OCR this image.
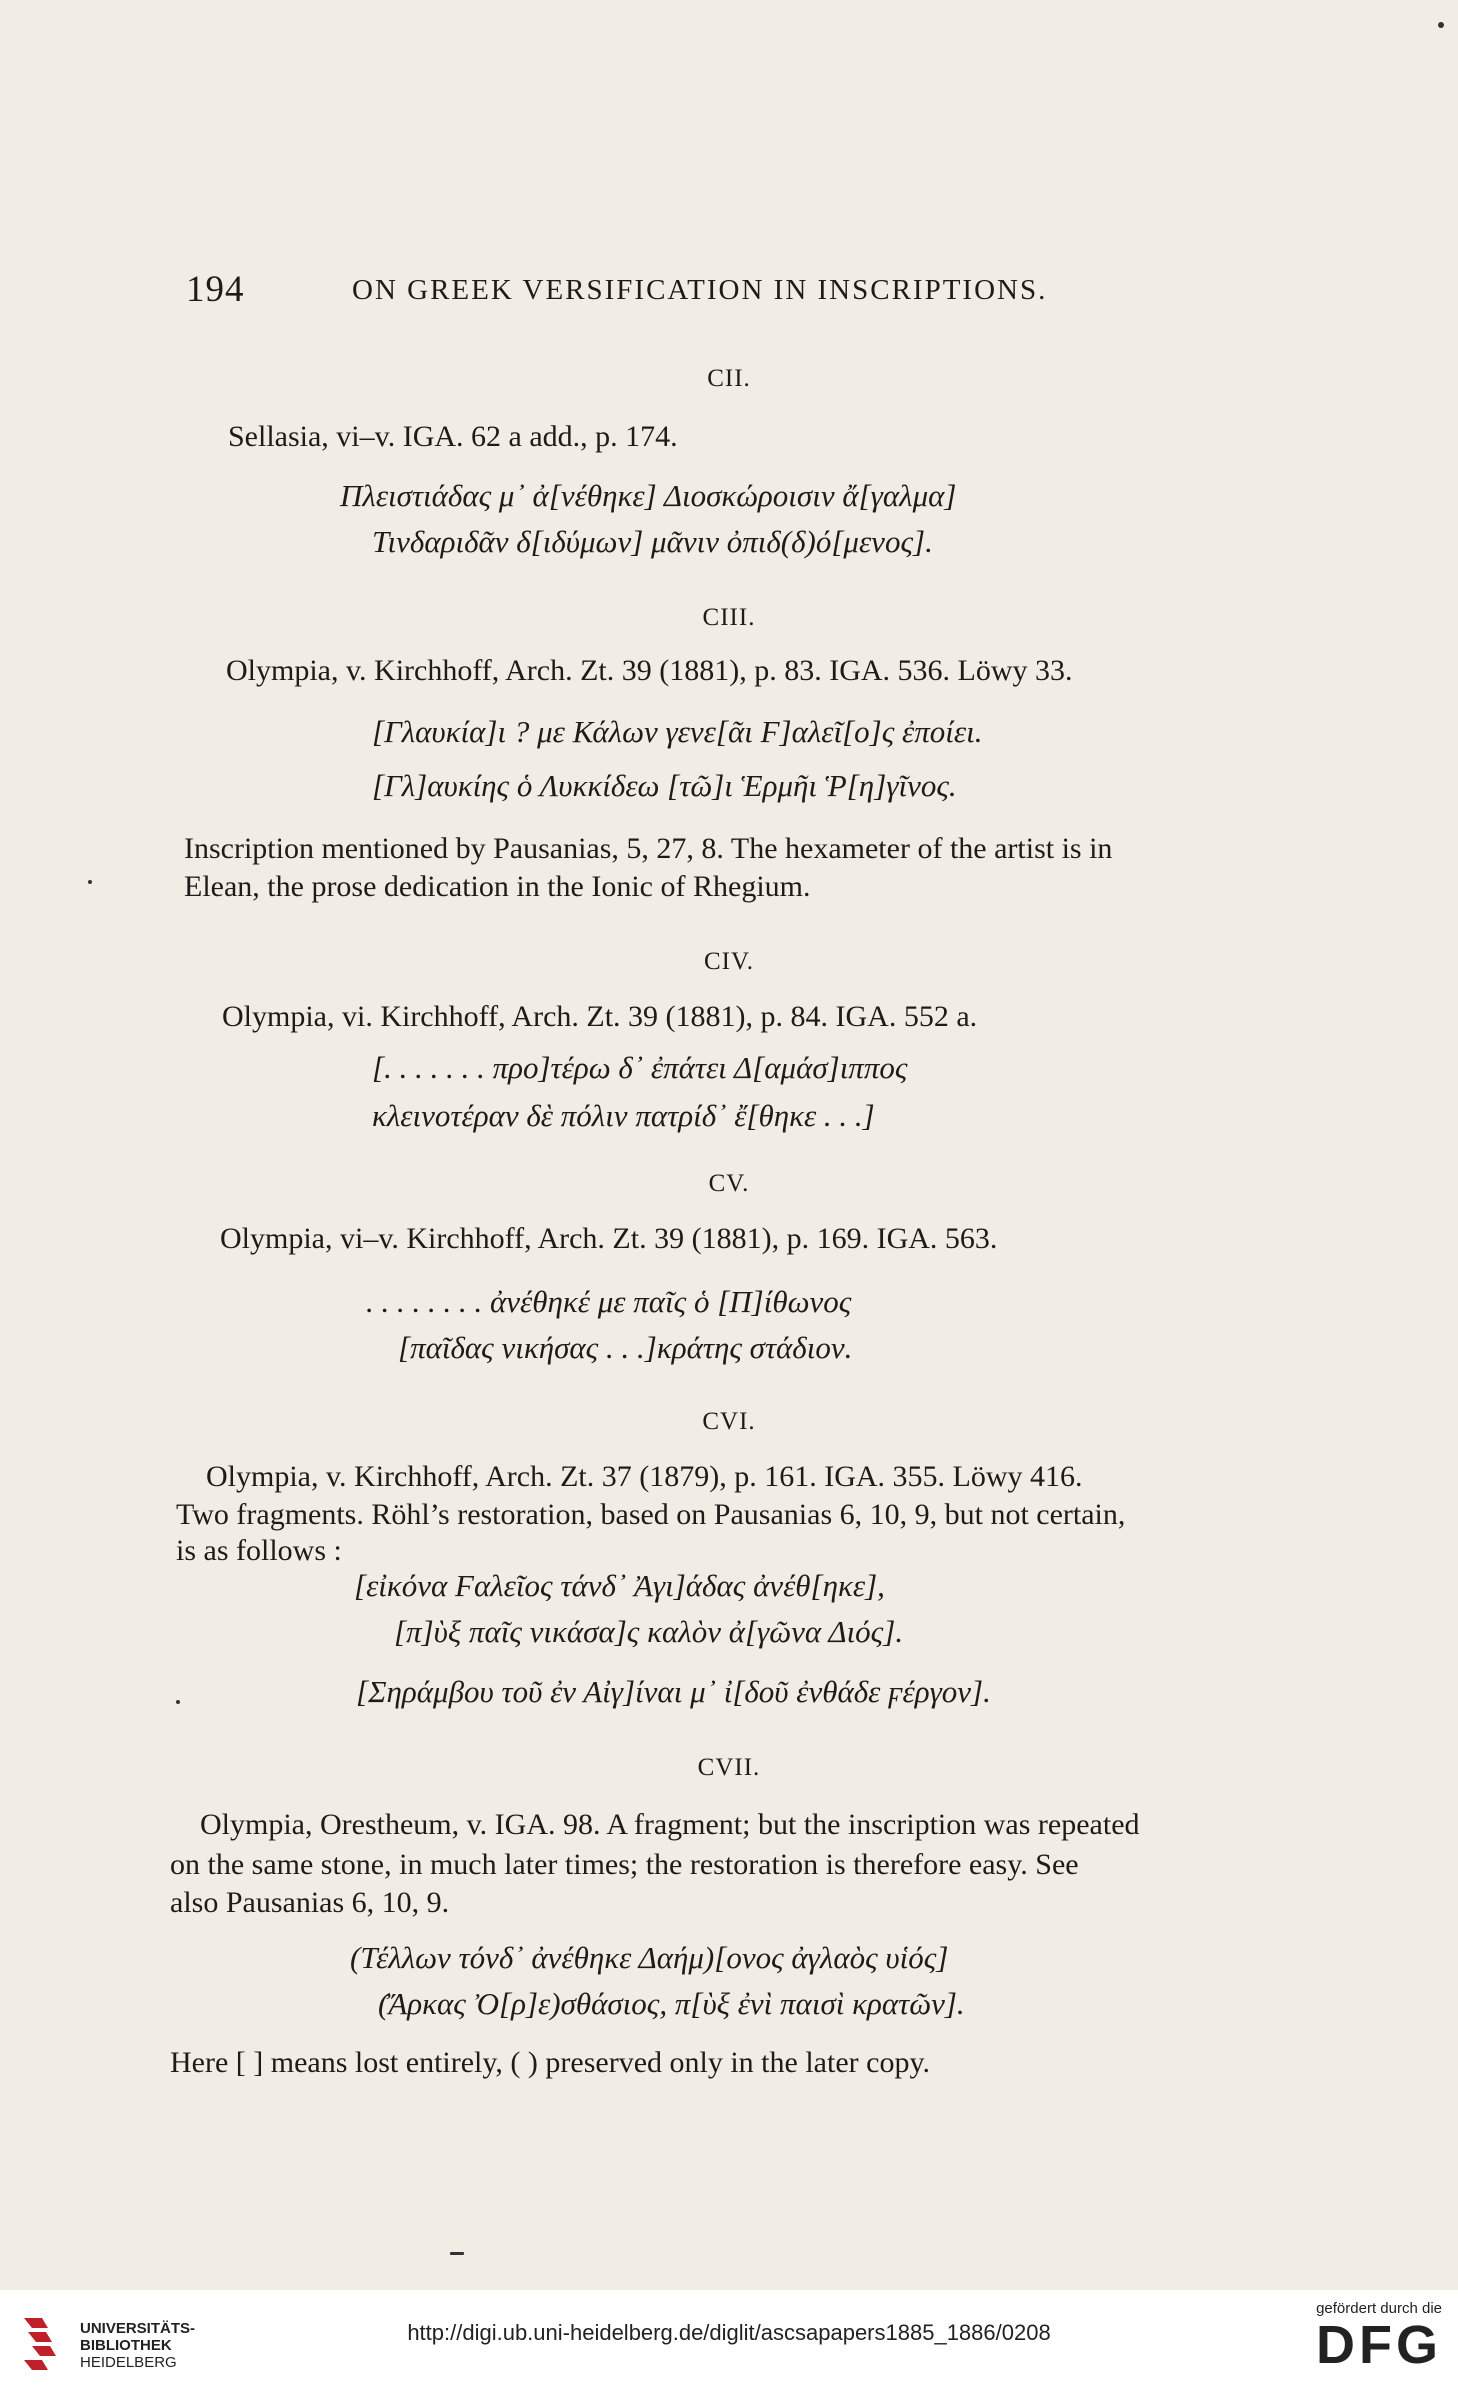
194	ON GREEK VERSIFICATION IN INSCRIPTIONS.
CII.
Sellasia, vi–v. IGA. 62 a add., p. 174.
Πλειστιάδας μ᾽ ἀ[νέθηκε] Διοσκώροισιν ἄ[γαλμα]
Τινδαριδᾶν δ[ιδύμων] μᾶνιν ὀπιδ(δ)ό[μενος].
CIII.
Olympia, v. Kirchhoff, Arch. Zt. 39 (1881), p. 83. IGA. 536. Löwy 33.
[Γλαυκία]ι ? με Κάλων γενε[ᾶι Ϝ]αλεῖ[ο]ς ἐποίει.
[Γλ]αυκίης ὁ Λυκκίδεω [τῶ]ι Ἑρμῆι Ῥ[η]γῖνος.
Inscription mentioned by Pausanias, 5, 27, 8. The hexameter of the artist is in
Elean, the prose dedication in the Ionic of Rhegium.
CIV.
Olympia, vi. Kirchhoff, Arch. Zt. 39 (1881), p. 84. IGA. 552 a.
[. . . . . . . προ]τέρω δ᾽ ἐπάτει Δ[αμάσ]ιππος
κλεινοτέραν δὲ πόλιν πατρίδ᾽ ἔ[θηκε . . .]
CV.
Olympia, vi–v. Kirchhoff, Arch. Zt. 39 (1881), p. 169. IGA. 563.
. . . . . . . . ἀνέθηκέ με παῖς ὁ [Π]ίθωνος
[παῖδας νικήσας . . .]κράτης στάδιον.
CVI.
Olympia, v. Kirchhoff, Arch. Zt. 37 (1879), p. 161. IGA. 355. Löwy 416.
Two fragments. Röhl’s restoration, based on Pausanias 6, 10, 9, but not certain,
is as follows :
[εἰκόνα Ϝαλεῖος τάνδ᾽ Ἀγι]άδας ἀνέθ[ηκε],
[π]ὺξ παῖς νικάσα]ς καλὸν ἀ[γῶνα Διός].
[Σηράμβου τοῦ ἐν Αἰγ]ίναι μ᾽ ἰ[δοῦ ἐνθάδε ϝέργον].
CVII.
Olympia, Orestheum, v. IGA. 98. A fragment; but the inscription was repeated
on the same stone, in much later times; the restoration is therefore easy. See
also Pausanias 6, 10, 9.
(Τέλλων τόνδ᾽ ἀνέθηκε Δαήμ)[ονος ἀγλαὸς υἱός]
(Ἄρκας Ὀ[ρ]ε)σθάσιος, π[ὺξ ἐνὶ παισὶ κρατῶν].
Here [ ] means lost entirely, ( ) preserved only in the later copy.
UNIVERSITÄTS-
BIBLIOTHEK
HEIDELBERG
http://digi.ub.uni-heidelberg.de/diglit/ascsapapers1885_1886/0208
gefördert durch die
DFG
